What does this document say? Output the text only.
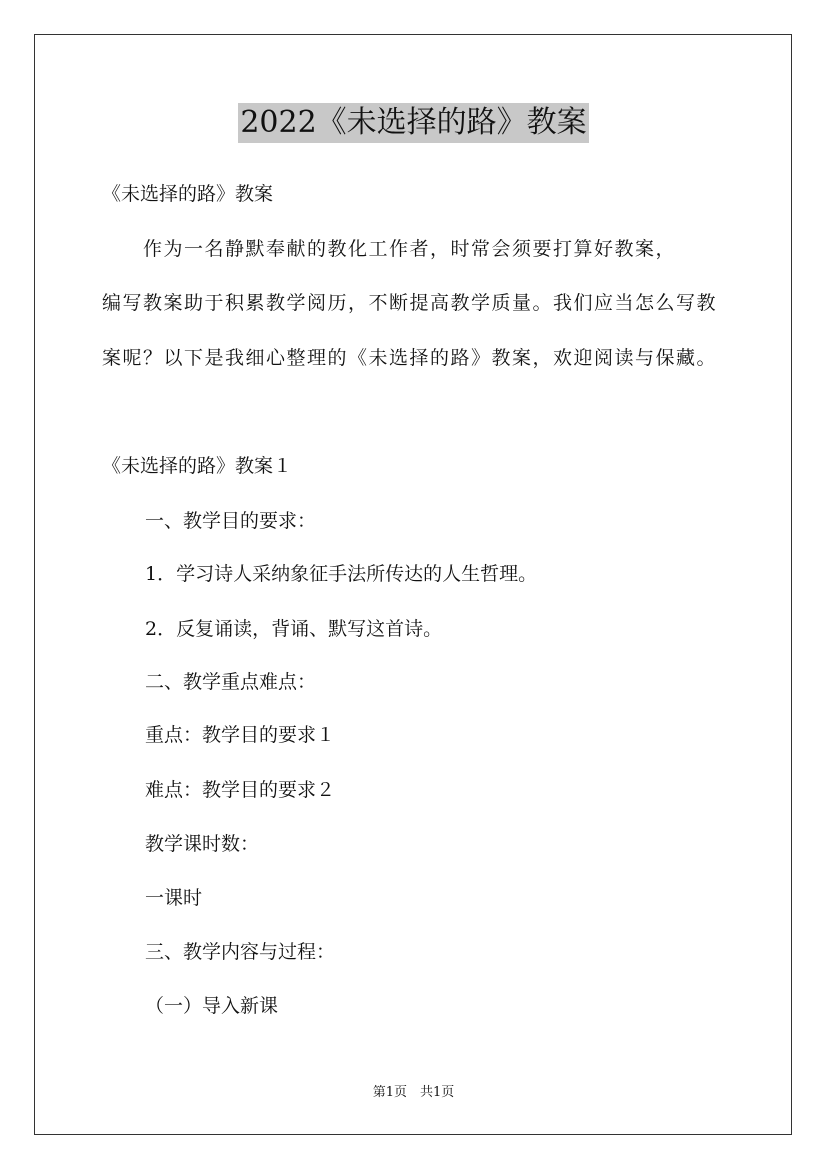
2022《未选择的路》教案
《未选择的路》教案
　　作为一名静默奉献的教化工作者，时常会须要打算好教案，
编写教案助于积累教学阅历，不断提高教学质量。我们应当怎么写教
案呢？以下是我细心整理的《未选择的路》教案，欢迎阅读与保藏。
《未选择的路》教案１
一、教学目的要求：
1．学习诗人采纳象征手法所传达的人生哲理。
2．反复诵读，背诵、默写这首诗。
二、教学重点难点：
重点：教学目的要求１
难点：教学目的要求２
教学课时数：
一课时
三、教学内容与过程：
（一）导入新课
第1页　共1页
